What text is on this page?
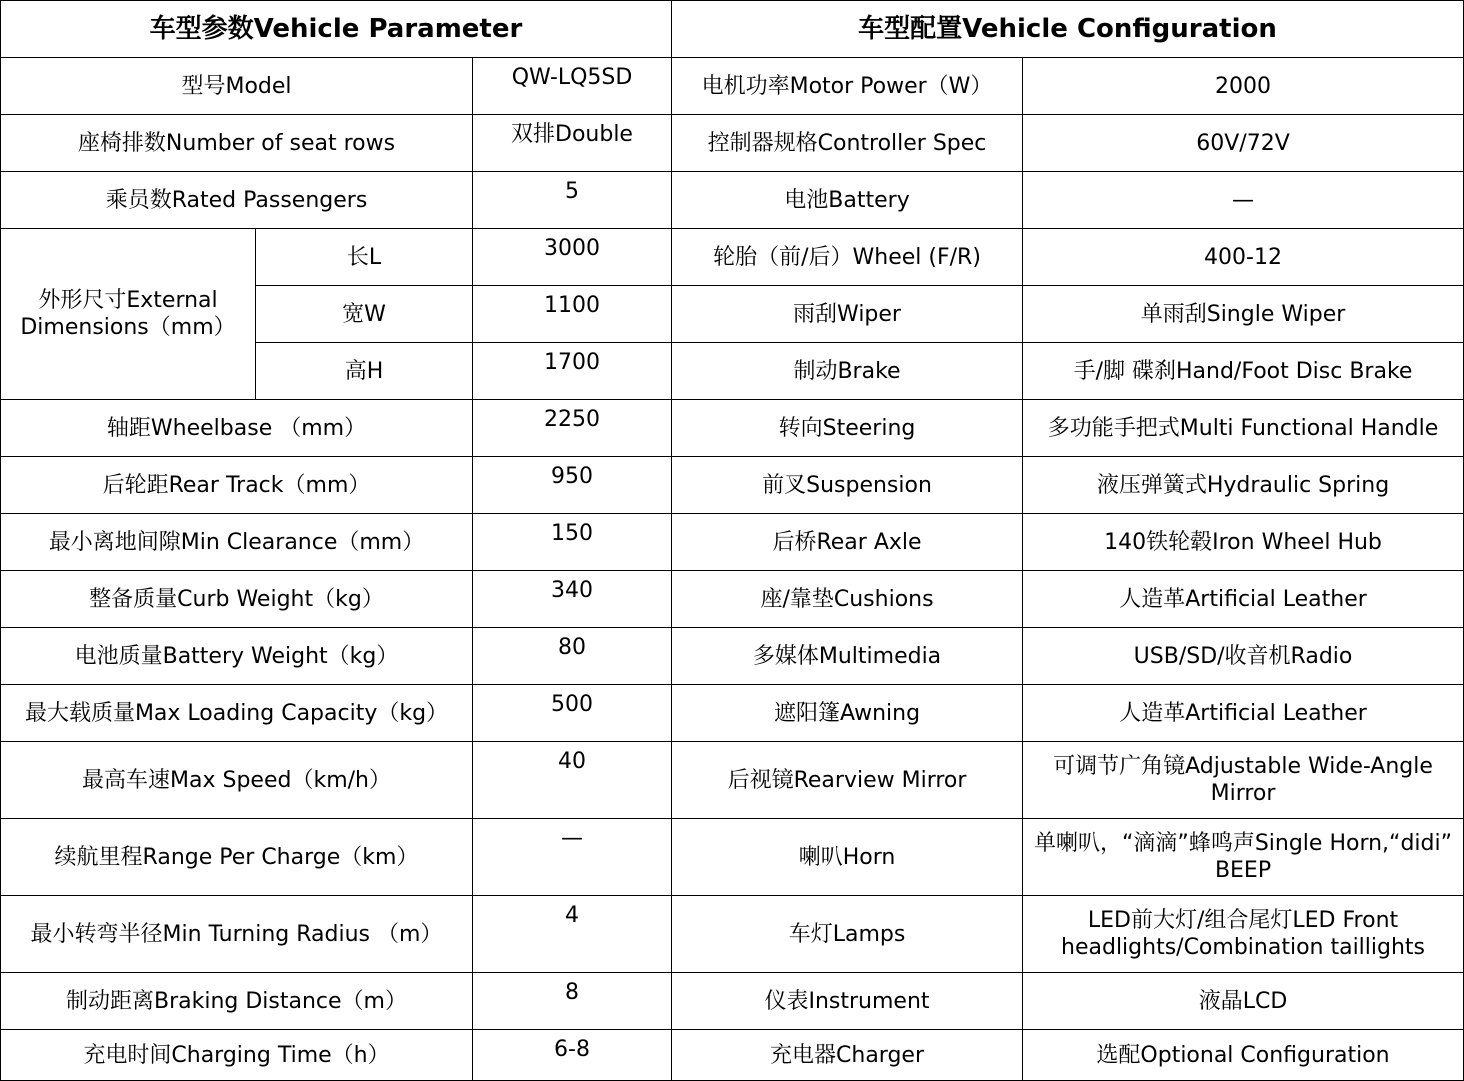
车型参数Vehicle Parameter			车型配置Vehicle Configuration	
型号Model		QW-LQ5SD	电机功率Motor Power（W）	2000
座椅排数Number of seat rows		双排Double	控制器规格Controller Spec	60V/72V
乘员数Rated Passengers		5	电池Battery	—
外形尺寸External Dimensions（mm）	长L	3000	轮胎（前/后）Wheel (F/R)	400-12
	宽W	1100	雨刮Wiper	单雨刮Single Wiper
	高H	1700	制动Brake	手/脚 碟刹Hand/Foot Disc Brake
轴距Wheelbase （mm）		2250	转向Steering	多功能手把式Multi Functional Handle
后轮距Rear Track（mm）		950	前叉Suspension	液压弹簧式Hydraulic Spring
最小离地间隙Min Clearance（mm）		150	后桥Rear Axle	140铁轮毂Iron Wheel Hub
整备质量Curb Weight（kg）		340	座/靠垫Cushions	人造革Artificial Leather
电池质量Battery Weight（kg）		80	多媒体Multimedia	USB/SD/收音机Radio
最大载质量Max Loading Capacity（kg）		500	遮阳篷Awning	人造革Artificial Leather
最高车速Max Speed（km/h）		40	后视镜Rearview Mirror	可调节广角镜Adjustable Wide-Angle Mirror
续航里程Range Per Charge（km）		—	喇叭Horn	单喇叭，“滴滴”蜂鸣声Single Horn,“didi” BEEP
最小转弯半径Min Turning Radius （m）		4	车灯Lamps	LED前大灯/组合尾灯LED Front headlights/Combination taillights
制动距离Braking Distance（m）		8	仪表Instrument	液晶LCD
充电时间Charging Time（h）		6-8	充电器Charger	选配Optional Configuration
